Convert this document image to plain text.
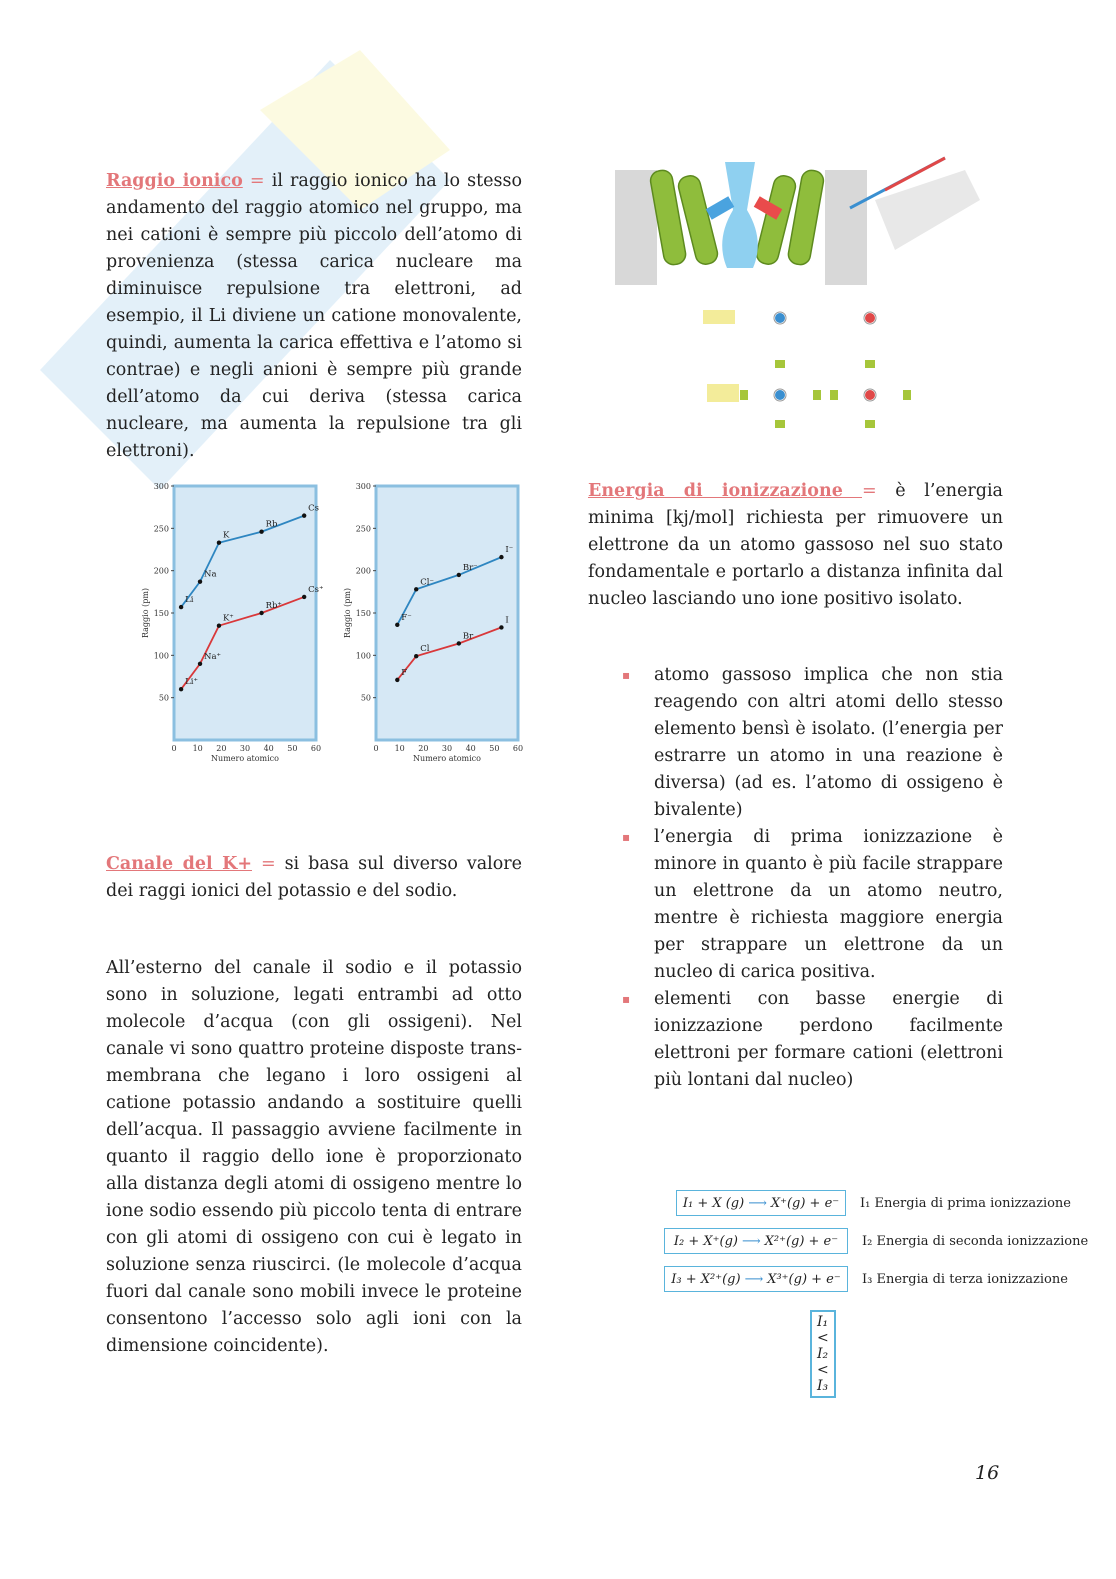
Raggio ionico = il raggio ionico ha lo stesso andamento del raggio atomico nel gruppo, ma nei cationi è sempre più piccolo dell’atomo di provenienza (stessa carica nucleare ma diminuisce repulsione tra elettroni, ad esempio, il Li diviene un catione monovalente, quindi, aumenta la carica effettiva e l’atomo si contrae) e negli anioni è sempre più grande dell’atomo da cui deriva (stessa carica nucleare, ma aumenta la repulsione tra gli elettroni).

50
100
150
200
250
300
0 10 20 30 40 50 60
Numero atomico
Raggio (pm)	Li
Na
K
Rb
Cs
Li⁺
Na⁺
K⁺
Rb⁺
Cs⁺
50
100
150
200
250
300
0 10 20 30 40 50 60
Numero atomico
Raggio (pm)	F⁻
Cl⁻
Br⁻
I⁻
F
Cl
Br
I

Canale del K+ = si basa sul diverso valore dei raggi ionici del potassio e del sodio.

All’esterno del canale il sodio e il potassio sono in soluzione, legati entrambi ad otto molecole d’acqua (con gli ossigeni). Nel canale vi sono quattro proteine disposte trans-membrana che legano i loro ossigeni al catione potassio andando a sostituire quelli dell’acqua. Il passaggio avviene facilmente in quanto il raggio dello ione è proporzionato alla distanza degli atomi di ossigeno mentre lo ione sodio essendo più piccolo tenta di entrare con gli atomi di ossigeno con cui è legato in soluzione senza riuscirci. (le molecole d’acqua fuori dal canale sono mobili invece le proteine consentono l’accesso solo agli ioni con la dimensione coincidente).

Energia di ionizzazione = è l’energia minima [kj/mol] richiesta per rimuovere un elettrone da un atomo gassoso nel suo stato fondamentale e portarlo a distanza infinita dal nucleo lasciando uno ione positivo isolato.

▪ atomo gassoso implica che non stia reagendo con altri atomi dello stesso elemento bensì è isolato. (l’energia per estrarre un atomo in una reazione è diversa) (ad es. l’atomo di ossigeno è bivalente)
▪ l’energia di prima ionizzazione è minore in quanto è più facile strappare un elettrone da un atomo neutro, mentre è richiesta maggiore energia per strappare un elettrone da un nucleo di carica positiva.
▪ elementi con basse energie di ionizzazione perdono facilmente elettroni per formare cationi (elettroni più lontani dal nucleo)
I₁ + X (g) ⟶ X⁺(g) + e⁻ I₁ Energia di prima ionizzazione
I₂ + X⁺(g) ⟶ X²⁺(g) + e⁻ I₂ Energia di seconda ionizzazione
I₃ + X²⁺(g) ⟶ X³⁺(g) + e⁻ I₃ Energia di terza ionizzazione
I₁ < I₂ < I₃
16
